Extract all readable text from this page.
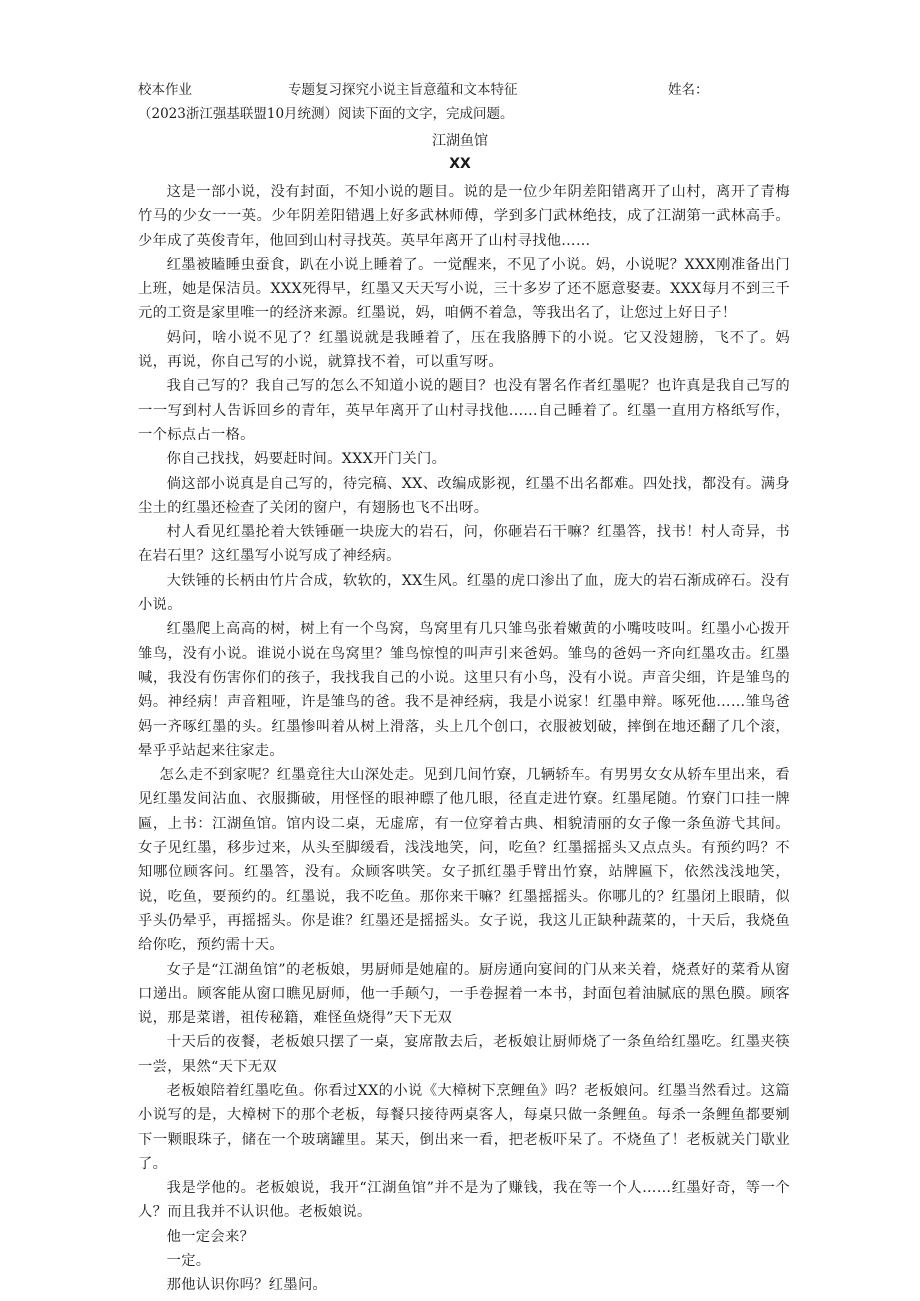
校本作业	专题复习探究小说主旨意蕴和文本特征	姓名：
（2023浙江强基联盟10月统测）阅读下面的文字，完成问题。
江湖鱼馆
XX

这是一部小说，没有封面，不知小说的题目。说的是一位少年阴差阳错离开了山村，离开了青梅竹马的少女一一英。少年阴差阳错遇上好多武林师傅，学到多门武林绝技，成了江湖第一武林高手。少年成了英俊青年，他回到山村寻找英。英早年离开了山村寻找他……

红墨被瞌睡虫蚕食，趴在小说上睡着了。一觉醒来，不见了小说。妈，小说呢？XXX刚准备出门上班，她是保洁员。XXX死得早，红墨又天天写小说，三十多岁了还不愿意娶妻。XXX每月不到三千元的工资是家里唯一的经济来源。红墨说，妈，咱俩不着急，等我出名了，让您过上好日子！

妈问，啥小说不见了？红墨说就是我睡着了，压在我胳膊下的小说。它又没翅膀，飞不了。妈说，再说，你自己写的小说，就算找不着，可以重写呀。

我自己写的？我自己写的怎么不知道小说的题目？也没有署名作者红墨呢？也许真是我自己写的一一写到村人告诉回乡的青年，英早年离开了山村寻找他......自己睡着了。红墨一直用方格纸写作，一个标点占一格。

你自己找找，妈要赶时间。XXX开门关门。

倘这部小说真是自己写的，待完稿、XX、改编成影视，红墨不出名都难。四处找，都没有。满身尘土的红墨还检查了关闭的窗户，有翅肠也飞不出呀。

村人看见红墨抡着大铁锤砸一块庞大的岩石，问，你砸岩石干嘛？红墨答，找书！村人奇异，书在岩石里？这红墨写小说写成了神经病。

大铁锤的长柄由竹片合成，软软的，XX生风。红墨的虎口渗出了血，庞大的岩石渐成碎石。没有小说。

红墨爬上高高的树，树上有一个鸟窝，鸟窝里有几只雏鸟张着嫩黄的小嘴吱吱叫。红墨小心拨开雏鸟，没有小说。谁说小说在鸟窝里？雏鸟惊惶的叫声引来爸妈。雏鸟的爸妈一齐向红墨攻击。红墨喊，我没有伤害你们的孩子，我找我自己的小说。这里只有小鸟，没有小说。声音尖细，许是雏鸟的妈。神经病！声音粗哑，许是雏鸟的爸。我不是神经病，我是小说家！红墨申辩。啄死他……雏鸟爸妈一齐啄红墨的头。红墨惨叫着从树上滑落，头上几个创口，衣服被划破，摔倒在地还翻了几个滚，晕乎乎站起来往家走。

怎么走不到家呢？红墨竟往大山深处走。见到几间竹寮，几辆轿车。有男男女女从轿车里出来，看见红墨发间沾血、衣服撕破，用怪怪的眼神瞟了他几眼，径直走进竹寮。红墨尾随。竹寮门口挂一牌匾，上书：江湖鱼馆。馆内设二桌，无虚席，有一位穿着古典、相貌清丽的女子像一条鱼游弋其间。女子见红墨，移步过来，从头至脚缓看，浅浅地笑，问，吃鱼？红墨摇摇头又点点头。有预约吗？不知哪位顾客问。红墨答，没有。众顾客哄笑。女子抓红墨手臂出竹寮，站牌匾下，依然浅浅地笑，说，吃鱼，要预约的。红墨说，我不吃鱼。那你来干嘛？红墨摇摇头。你哪儿的？红墨闭上眼睛，似乎头仍晕乎，再摇摇头。你是谁？红墨还是摇摇头。女子说，我这儿正缺种蔬菜的，十天后，我烧鱼给你吃，预约需十天。

女子是“江湖鱼馆”的老板娘，男厨师是她雇的。厨房通向宴间的门从来关着，烧煮好的菜肴从窗口递出。顾客能从窗口瞧见厨师，他一手颠勺，一手卷握着一本书，封面包着油腻底的黑色膜。顾客说，那是菜谱，祖传秘籍，难怪鱼烧得”天下无双

十天后的夜餐，老板娘只摆了一桌，宴席散去后，老板娘让厨师烧了一条鱼给红墨吃。红墨夹筷一尝，果然“天下无双

老板娘陪着红墨吃鱼。你看过XX的小说《大樟树下烹鲤鱼》吗？老板娘问。红墨当然看过。这篇小说写的是，大樟树下的那个老板，每餐只接待两桌客人，每桌只做一条鲤鱼。每杀一条鲤鱼都要剜下一颗眼珠子，储在一个玻璃罐里。某天，倒出来一看，把老板吓呆了。不烧鱼了！老板就关门歇业了。

我是学他的。老板娘说，我开“江湖鱼馆”并不是为了赚钱，我在等一个人……红墨好奇，等一个人？而且我并不认识他。老板娘说。

他一定会来？

一定。

那他认识你吗？红墨问。
